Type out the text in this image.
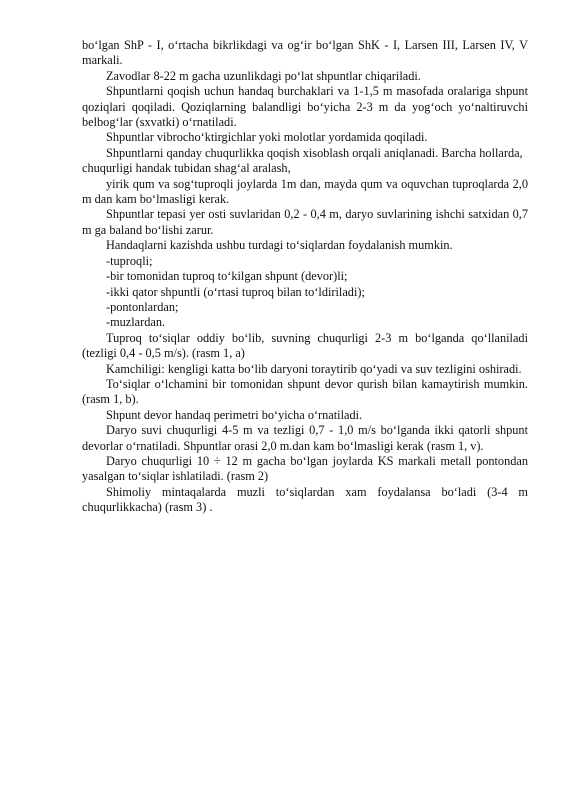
bo‘lgan ShP - I, o‘rtacha bikrlikdagi va og‘ir bo‘lgan ShK - I, Larsen III, Larsen IV, V markali.

Zavodlar 8-22 m gacha uzunlikdagi po‘lat shpuntlar chiqariladi.

Shpuntlarni qoqish uchun handaq burchaklari va 1-1,5 m masofada oralariga shpunt qoziqlari qoqiladi. Qoziqlarning balandligi bo‘yicha 2-3 m da yog‘och yo‘naltiruvchi belbog‘lar (sxvatki) o‘rnatiladi.

Shpuntlar vibrocho‘ktirgichlar yoki molotlar yordamida qoqiladi.

Shpuntlarni qanday chuqurlikka qoqish xisoblash orqali aniqlanadi. Barcha hollarda, chuqurligi handak tubidan shag‘al aralash,

yirik qum va sog‘tuproqli joylarda 1m dan, mayda qum va oquvchan tuproqlarda 2,0 m dan kam bo‘lmasligi kerak.

Shpuntlar tepasi yer osti suvlaridan 0,2 - 0,4 m, daryo suvlarining ishchi satxidan 0,7 m ga baland bo‘lishi zarur.

Handaqlarni kazishda ushbu turdagi to‘siqlardan foydalanish mumkin.

-tuproqli;

-bir tomonidan tuproq to‘kilgan shpunt (devor)li;

-ikki qator shpuntli (o‘rtasi tuproq bilan to‘ldiriladi);

-pontonlardan;

-muzlardan.

Tuproq to‘siqlar oddiy bo‘lib, suvning chuqurligi 2-3 m bo‘lganda qo‘llaniladi (tezligi 0,4 - 0,5 m/s). (rasm 1, a)

Kamchiligi: kengligi katta bo‘lib daryoni toraytirib qo‘yadi va suv tezligini oshiradi.

To‘siqlar o‘lchamini bir tomonidan shpunt devor qurish bilan kamaytirish mumkin. (rasm 1, b).

Shpunt devor handaq perimetri bo‘yicha o‘rnatiladi.

Daryo suvi chuqurligi 4-5 m va tezligi 0,7 - 1,0 m/s bo‘lganda ikki qatorli shpunt devorlar o‘rnatiladi. Shpuntlar orasi 2,0 m.dan kam bo‘lmasligi kerak (rasm 1, v).

Daryo chuqurligi 10 ÷ 12 m gacha bo‘lgan joylarda KS markali metall pontondan yasalgan to‘siqlar ishlatiladi. (rasm 2)

Shimoliy mintaqalarda muzli to‘siqlardan xam foydalansa bo‘ladi (3-4 m chuqurlikkacha) (rasm 3) .
